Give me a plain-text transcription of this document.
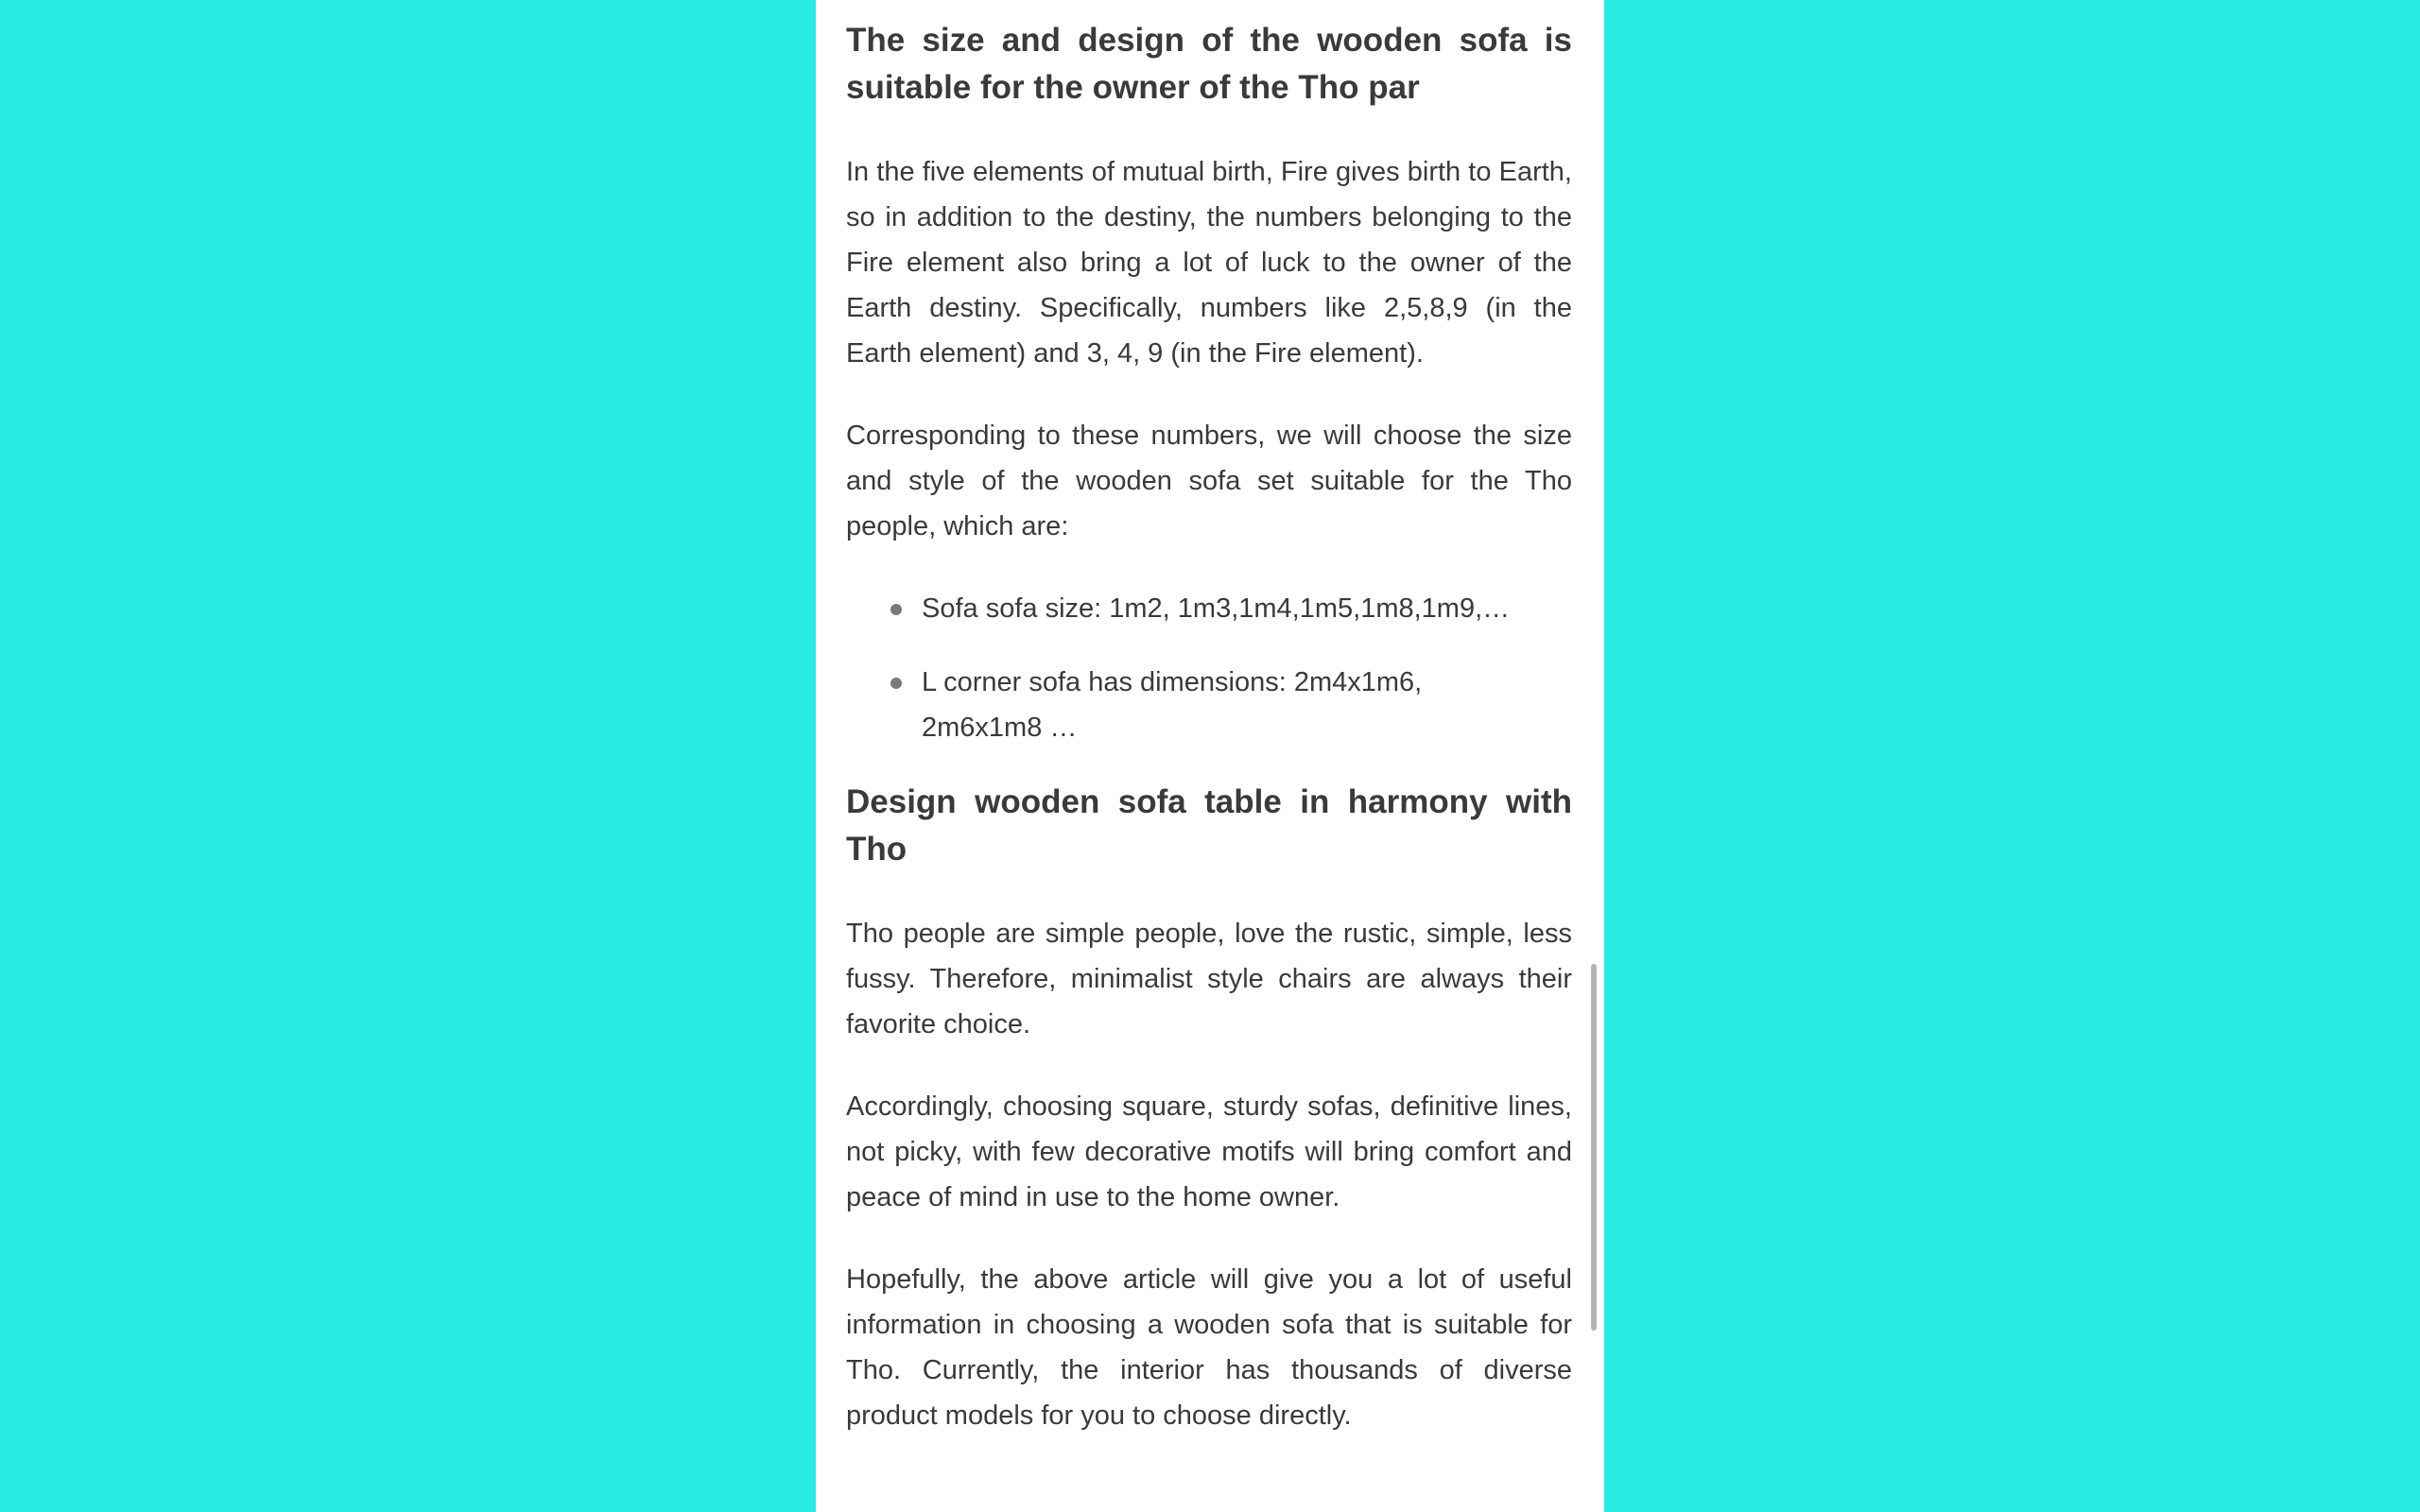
The size and design of the wooden sofa is suitable for the owner of the Tho par

In the five elements of mutual birth, Fire gives birth to Earth, so in addition to the destiny, the numbers belonging to the Fire element also bring a lot of luck to the owner of the Earth destiny. Specifically, numbers like 2,5,8,9 (in the Earth element) and 3, 4, 9 (in the Fire element).

Corresponding to these numbers, we will choose the size and style of the wooden sofa set suitable for the Tho people, which are:

Sofa sofa size: 1m2, 1m3,1m4,1m5,1m8,1m9,…
L corner sofa has dimensions: 2m4x1m6, 2m6x1m8 …
Design wooden sofa table in harmony with Tho

Tho people are simple people, love the rustic, simple, less fussy. Therefore, minimalist style chairs are always their favorite choice.

Accordingly, choosing square, sturdy sofas, definitive lines, not picky, with few decorative motifs will bring comfort and peace of mind in use to the home owner.

Hopefully, the above article will give you a lot of useful information in choosing a wooden sofa that is suitable for Tho. Currently, the interior has thousands of diverse product models for you to choose directly.
